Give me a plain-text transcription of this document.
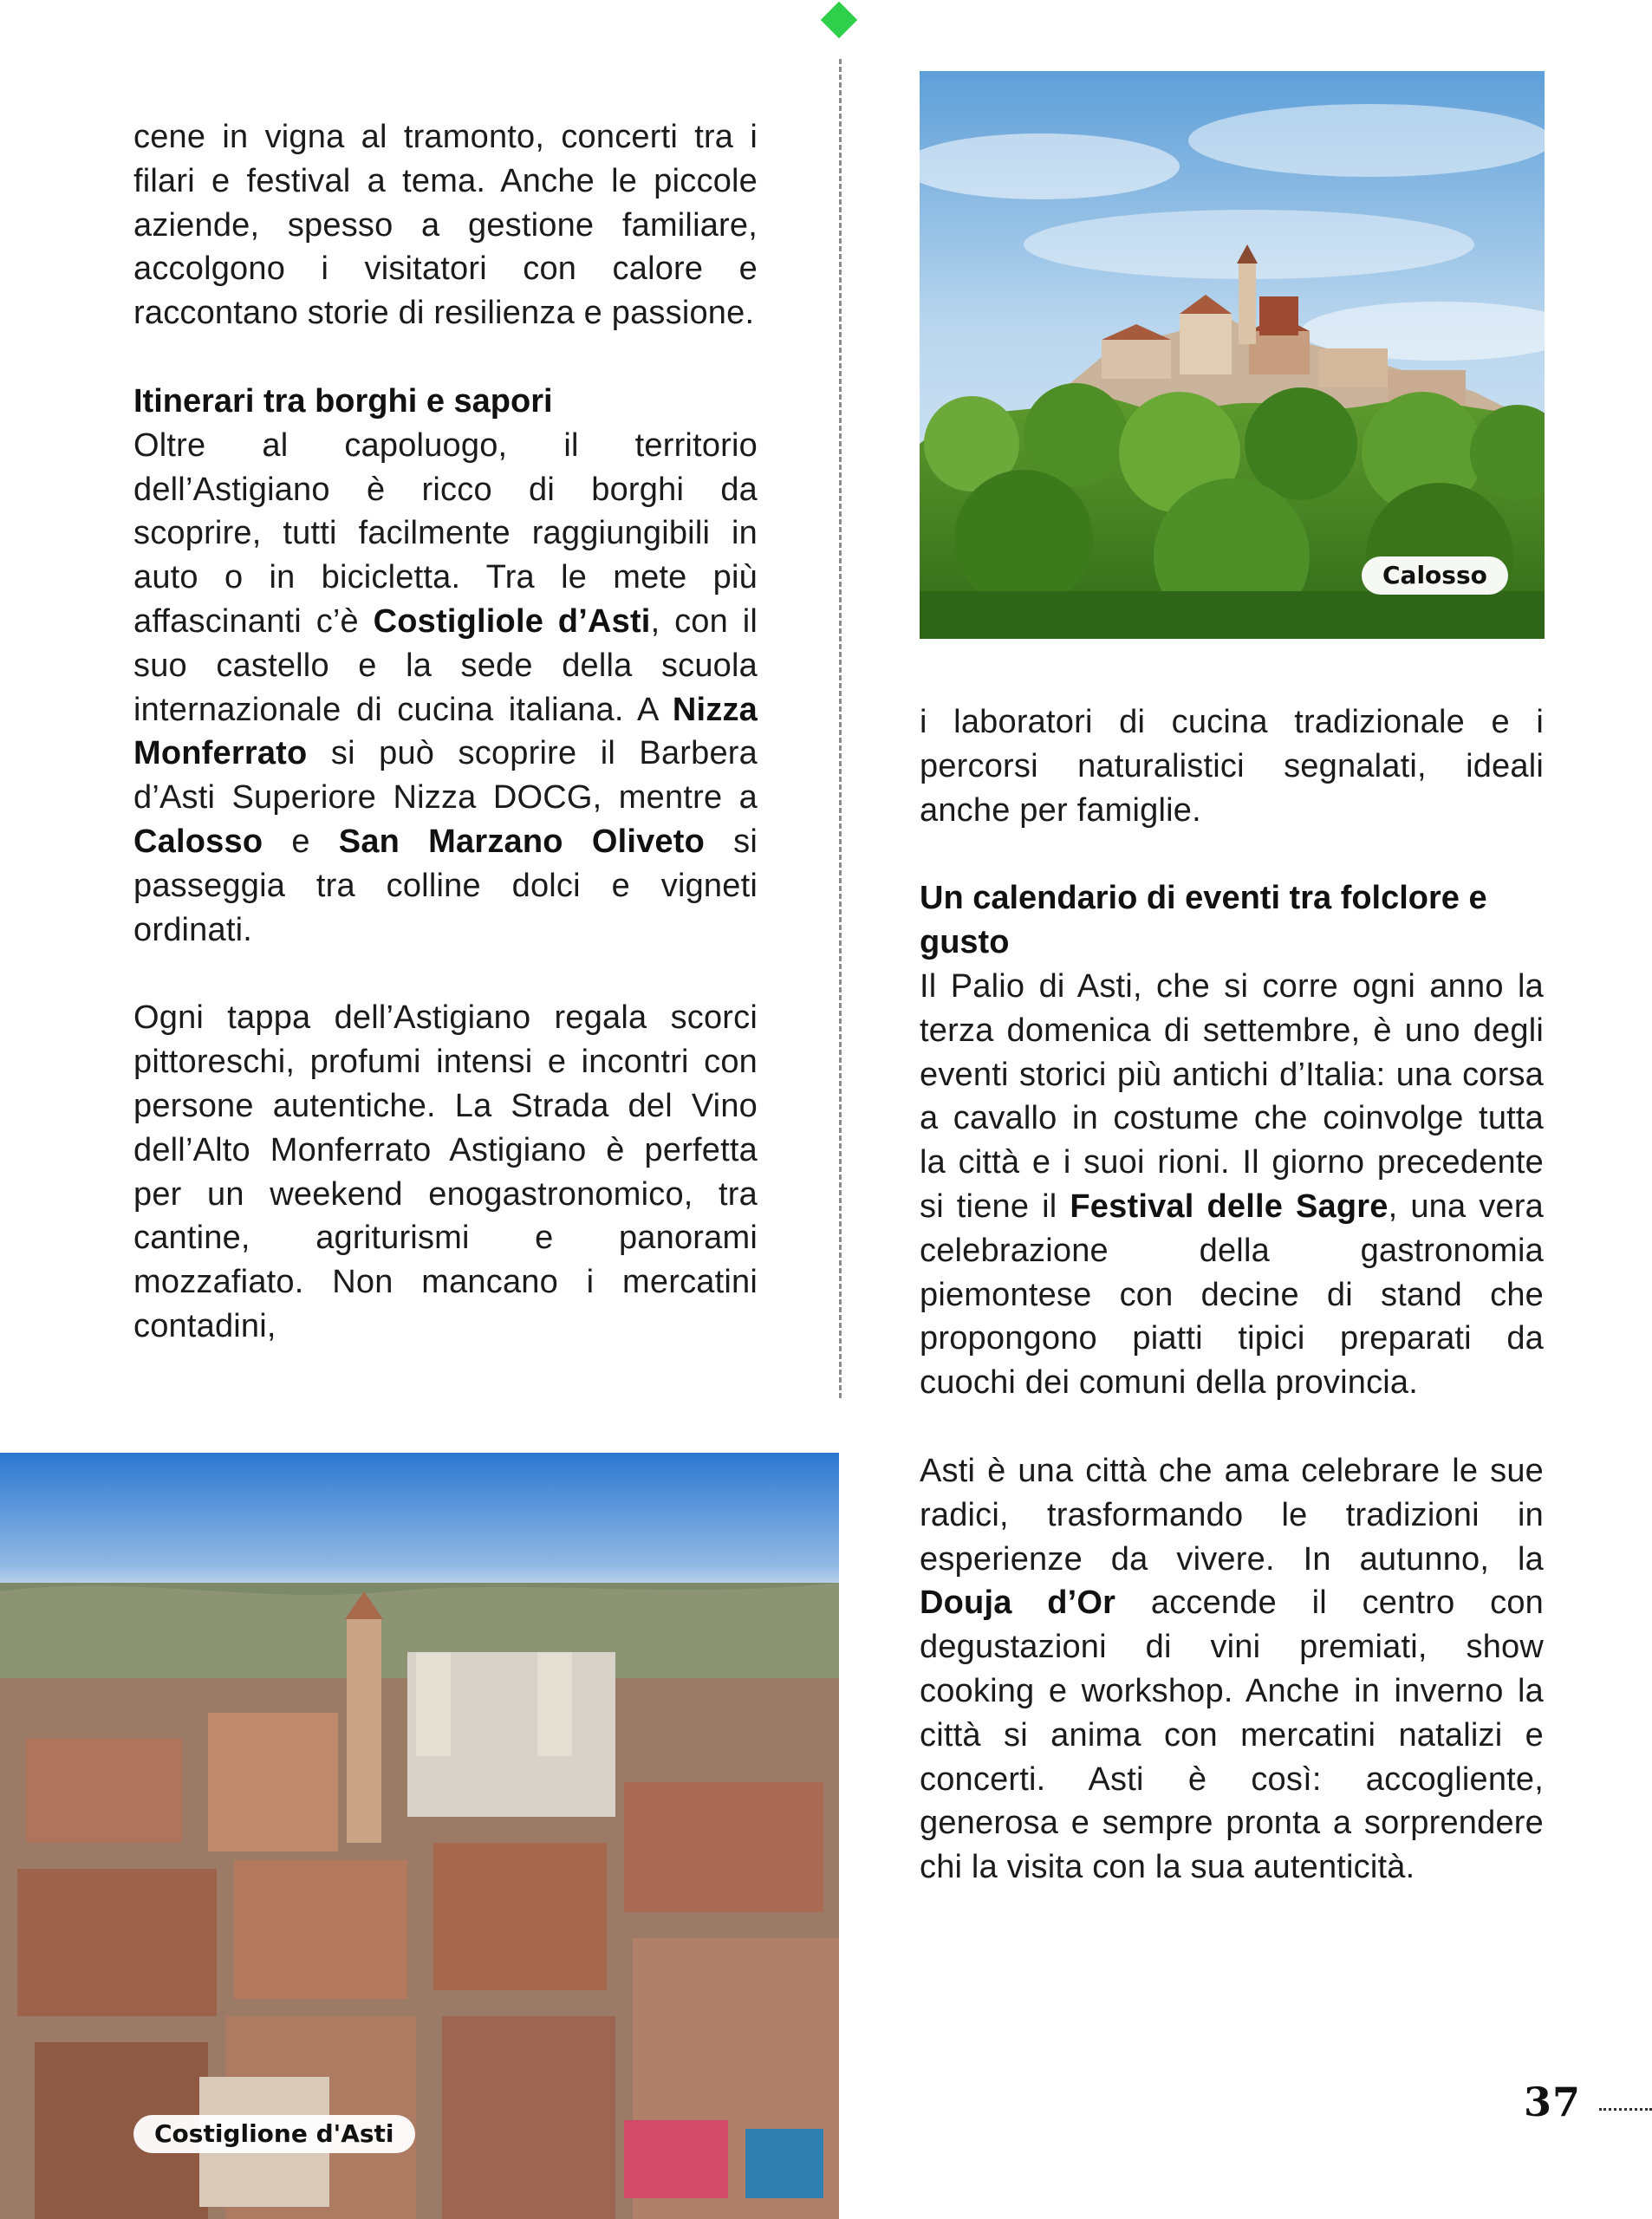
cene in vigna al tramonto, concerti tra i filari e festival a tema. Anche le piccole aziende, spesso a gestione familiare, accolgono i visitatori con calore e raccontano storie di resilienza e passione.

Itinerari tra borghi e sapori

Oltre al capoluogo, il territorio dell’Astigiano è ricco di borghi da scoprire, tutti facilmente raggiungibili in auto o in bicicletta. Tra le mete più affascinanti c’è Costigliole d’Asti, con il suo castello e la sede della scuola internazionale di cucina italiana. A Nizza Monferrato si può scoprire il Barbera d’Asti Superiore Nizza DOCG, mentre a Calosso e San Marzano Oliveto si passeggia tra colline dolci e vigneti ordinati.

Ogni tappa dell’Astigiano regala scorci pittoreschi, profumi intensi e incontri con persone autentiche. La Strada del Vino dell’Alto Monferrato Astigiano è perfetta per un weekend enogastronomico, tra cantine, agriturismi e panorami mozzafiato. Non mancano i mercatini contadini,

i laboratori di cucina tradizionale e i percorsi naturalistici segnalati, ideali anche per famiglie.

Un calendario di eventi tra folclore e gusto

Il Palio di Asti, che si corre ogni anno la terza domenica di settembre, è uno degli eventi storici più antichi d’Italia: una corsa a cavallo in costume che coinvolge tutta la città e i suoi rioni. Il giorno precedente si tiene il Festival delle Sagre, una vera celebrazione della gastronomia piemontese con decine di stand che propongono piatti tipici preparati da cuochi dei comuni della provincia.

Asti è una città che ama celebrare le sue radici, trasformando le tradizioni in esperienze da vivere. In autunno, la Douja d’Or accende il centro con degustazioni di vini premiati, show cooking e workshop. Anche in inverno la città si anima con mercatini natalizi e concerti. Asti è così: accogliente, generosa e sempre pronta a sorprendere chi la visita con la sua autenticità.

Calosso
Costiglione d'Asti
37
